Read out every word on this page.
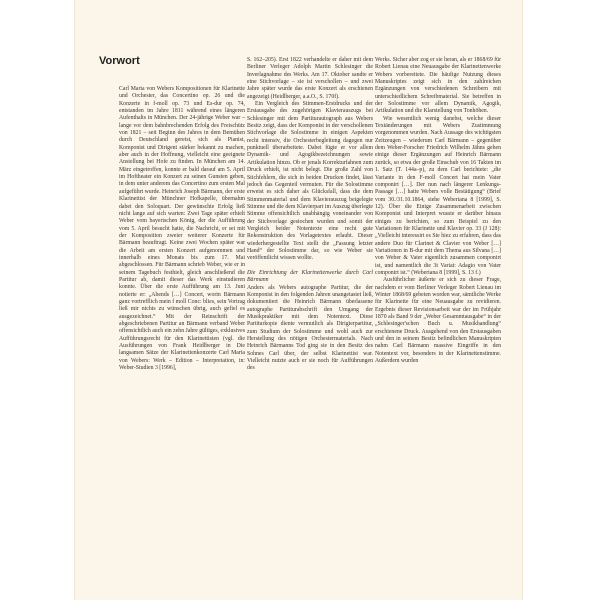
Vorwort

Carl Maria von Webers Kompositionen für Klarinette und Orchester, das Concertino op. 26 und die Konzerte in f-moll op. 73 und Es-dur op. 74, entstanden im Jahre 1811 während eines längeren Aufenthalts in München. Der 24-jährige Weber war – lange vor dem bahnbrechenden Erfolg des Freischütz von 1821 – seit Beginn des Jahres in dem Bemühen durch Deutschland gereist, sich als Pianist, Komponist und Dirigent stärker bekannt zu machen, aber auch in der Hoffnung, vielleicht eine geeignete Anstellung bei Hofe zu finden. In München am 14. März eingetroffen, konnte er bald darauf am 5. April im Hoftheater ein Konzert zu seinen Gunsten geben, in dem unter anderem das Concertino zum ersten Mal aufgeführt wurde. Heinrich Joseph Bärmann, der erste Klarinettist der Münchner Hofkapelle, übernahm dabei den Soloquart. Der gewünschte Erfolg ließ nicht lange auf sich warten: Zwei Tage später erhielt Weber vom bayerischen König, der die Aufführung vom 5. April besucht hatte, die Nachricht, er sei mit der Komposition zweier weiterer Konzerte für Bärmann beauftragt. Keine zwei Wochen später war die Arbeit am ersten Konzert aufgenommen und innerhalb eines Monats bis zum 17. Mai abgeschlossen. Für Bärmann schrieb Weber, wie er in seinem Tagebuch festhielt, gleich anschließend die Partitur ab, damit dieser das Werk einstudieren konnte. Über die erste Aufführung am 13. Juni notierte er: „Abends […] Concert, worin Bärmann ganz vortrefflich mein f moll Conc: blies, sein Vortrag ließ mir nichts zu wünschen übrig, auch gefiel es ausgezeichnet.“ Mit der Reinschrift der abgeschriebenen Partitur an Bärmann verband Weber offensichtlich auch ein zehn Jahre gültiges, exklusives Aufführungsrecht für den Klarinettisten (vgl. die Ausführungen von Frank Heidlberger in Die langsamen Sätze der Klarinettenkonzerte Carl Maria von Webers: Werk – Edition – Interpretation, in: Weber-Studien 3 [1996],

S. 162–205). Erst 1822 verhandelte er daher mit dem Berliner Verleger Adolph Martin Schlesinger die Inverlagnahme des Werks. Am 17. Oktober sandte er eine Stichvorlage – sie ist verschollen – und zwei Jahre später wurde das erste Konzert als erschienen angezeigt (Heidlberger, a.a.O., S. 170f).

Ein Vergleich des Stimmen-Erstdrucks und der Erstausgabe des zugehörigen Klavierauszugs bei Schlesinger mit dem Partiturautograph aus Webers Besitz zeigt, dass der Komponist in der verschollenen Stichvorlage die Solostimme in einigen Aspekten recht intensiv, die Orchesterbegleitung dagegen nur punktuell überarbeitete. Dabei fügte er vor allem Dynamik- und Agogikbezeichnungen sowie Artikulation hinzu. Ob er jenals Korrekturfahnen zum Druck erhielt, ist nicht belegt. Die große Zahl von Stichfehlern, die sich in beiden Drucken findet, lässt jedoch das Gegenteil vermuten. Für die Solostimme erweist es sich daher als Glücksfall, dass die dem Stimmenmaterial und dem Klavierauszug beigelegte Stimme und die dem Klavierpart im Auszug überlegte Stimme offensichtlich unabhängig voneinander von der Stichvorlage gestochen wurden und somit der Vergleich beider Notentexte eine recht gute Rekonstruktion des Vorlagetextes erlaubt. Dieser wiederhergestellte Text stellt die „Fassung letzter Hand“ der Solostimme dar, so wie Weber sie veröffentlicht wissen wollte.

Die Einrichtung der Klarinettenwerke durch Carl Bärmann

Anders als Webers autographe Partitur, die der Komponist in den folgenden Jahren unangetastet ließ, dokumentiert die Heinrich Bärmann überlassene autographe Partiturabschrift den Umgang der Musikpraktiker mit dem Notentext. Diese Partiturkopie diente vermutlich als Dirigierpartitur, zum Studium der Solostimme und wohl auch zur Herstellung des nötigen Orchestermaterials. Nach Heinrich Bärmanns Tod ging sie in den Besitz des Sohnes Carl über, der selbst Klarinettist war. Vielleicht nutzte auch er sie noch für Aufführungen des

Werks. Sicher aber zog er sie heran, als er 1868/69 für Robert Lienau eine Neuausgabe der Klarinettenwerke Webers vorbereitete. Die häufige Nutzung dieses Manuskriptes zeigt sich in den zahlreichen Ergänzungen von verschiedenen Schreibern mit unterschiedlichem Schreibmaterial. Sie betreffen in der Solostimme vor allem Dynamik, Agogik, Artikulation und die Klarstellung von Tonhöhen.

Wie wesentlich wenig danebst, welche dieser Textänderungen mit Webers Zustimmung vorgenommen wurden. Nach Aussage des wichtigsten Zeitzeugen – wiederum Carl Bärmann – gegenüber dem Weber-Forscher Friedrich Wilhelm Jähns gehen einige dieser Ergänzungen auf Heinrich Bärmann zurück, so etwa der große Einschub von 16 Takten im 1. Satz (T. 144a–p), zu dem Carl berichtete: „die Variante in den F-moll Concert hat mein Vater componirt […]. Der nun nach längerer Lenkungs-Passage […] hatte Webers volle Bestätigung“ (Brief vom 30./31.10.1864, siehe Weberiana 8 [1999], S. 12). Über die Einige Zusammenarbeit zwischen Komponist und Interpret wusste er darüber hinaus einiges zu berichten, so zum Beispiel zu den Variationen für Klarinette und Klavier op. 33 (J 128): „Vielleicht interessirt es Sie hiez zu erfahren, dass das andere Duo für Clarinet & Clavier von Weber […] Variationen in B-dur mit dem Thema aus Silvana […] von Weber & Vater eigentlich zusammen componirt ist, und namentlich die 3t Variat: Adagio von Vater componirt ist.“ (Weberiana 8 [1999], S. 13 f.)

Ausführlicher äußerte er sich zu dieser Frage, nachdem er vom Berliner Verleger Robert Lienau im Winter 1868/69 gebeten worden war, sämtliche Werke für Klarinette für eine Neuausgabe zu revidieren. Ergebnis dieser Revisionsarbeit war der im Frühjahr 1870 als Band 9 der „Weber Gesammtausgabe“ in der „Schlesinger'schen Buch u. Musikhandlung“ erschienene Druck. Ausgehend von den Erstausgaben und den in seinem Besitz befindlichen Manuskripten nahm Carl Bärmann massive Eingriffe in den Notentext vor, besonders in der Klarinettenstimme. Außerdem wurden
